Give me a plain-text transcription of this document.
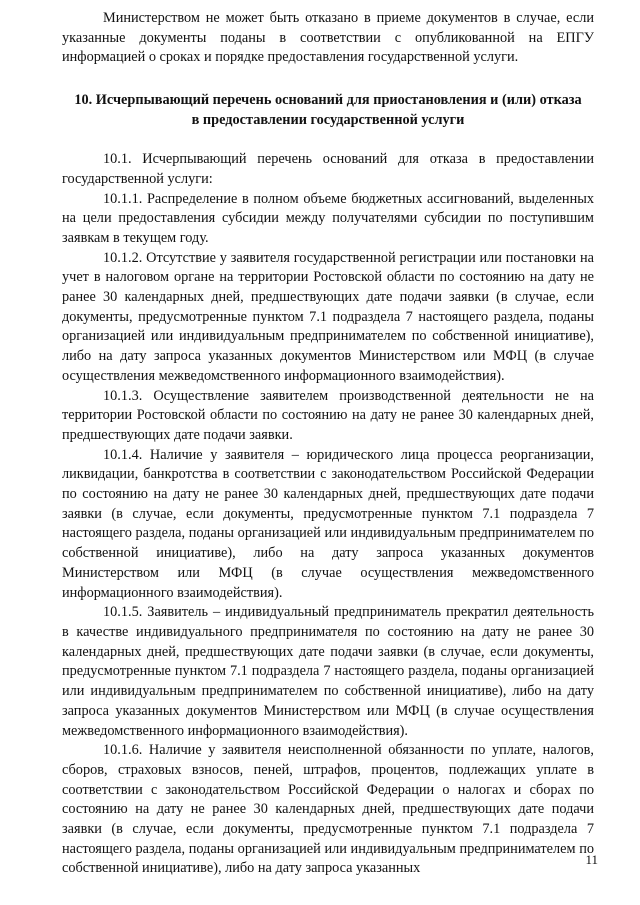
Министерством не может быть отказано в приеме документов в случае, если указанные документы поданы в соответствии с опубликованной на ЕПГУ информацией о сроках и порядке предоставления государственной услуги.

10. Исчерпывающий перечень оснований для приостановления и (или) отказа в предоставлении государственной услуги

10.1. Исчерпывающий перечень оснований для отказа в предоставлении государственной услуги:

10.1.1. Распределение в полном объеме бюджетных ассигнований, выделенных на цели предоставления субсидии между получателями субсидии по поступившим заявкам в текущем году.

10.1.2. Отсутствие у заявителя государственной регистрации или постановки на учет в налоговом органе на территории Ростовской области по состоянию на дату не ранее 30 календарных дней, предшествующих дате подачи заявки (в случае, если документы, предусмотренные пунктом 7.1 подраздела 7 настоящего раздела, поданы организацией или индивидуальным предпринимателем по собственной инициативе), либо на дату запроса указанных документов Министерством или МФЦ (в случае осуществления межведомственного информационного взаимодействия).

10.1.3. Осуществление заявителем производственной деятельности не на территории Ростовской области по состоянию на дату не ранее 30 календарных дней, предшествующих дате подачи заявки.

10.1.4. Наличие у заявителя – юридического лица процесса реорганизации, ликвидации, банкротства в соответствии с законодательством Российской Федерации по состоянию на дату не ранее 30 календарных дней, предшествующих дате подачи заявки (в случае, если документы, предусмотренные пунктом 7.1 подраздела 7 настоящего раздела, поданы организацией или индивидуальным предпринимателем по собственной инициативе), либо на дату запроса указанных документов Министерством или МФЦ (в случае осуществления межведомственного информационного взаимодействия).

10.1.5. Заявитель – индивидуальный предприниматель прекратил деятельность в качестве индивидуального предпринимателя по состоянию на дату не ранее 30 календарных дней, предшествующих дате подачи заявки (в случае, если документы, предусмотренные пунктом 7.1 подраздела 7 настоящего раздела, поданы организацией или индивидуальным предпринимателем по собственной инициативе), либо на дату запроса указанных документов Министерством или МФЦ (в случае осуществления межведомственного информационного взаимодействия).

10.1.6. Наличие у заявителя неисполненной обязанности по уплате, налогов, сборов, страховых взносов, пеней, штрафов, процентов, подлежащих уплате в соответствии с законодательством Российской Федерации о налогах и сборах по состоянию на дату не ранее 30 календарных дней, предшествующих дате подачи заявки (в случае, если документы, предусмотренные пунктом 7.1 подраздела 7 настоящего раздела, поданы организацией или индивидуальным предпринимателем по собственной инициативе), либо на дату запроса указанных

11
